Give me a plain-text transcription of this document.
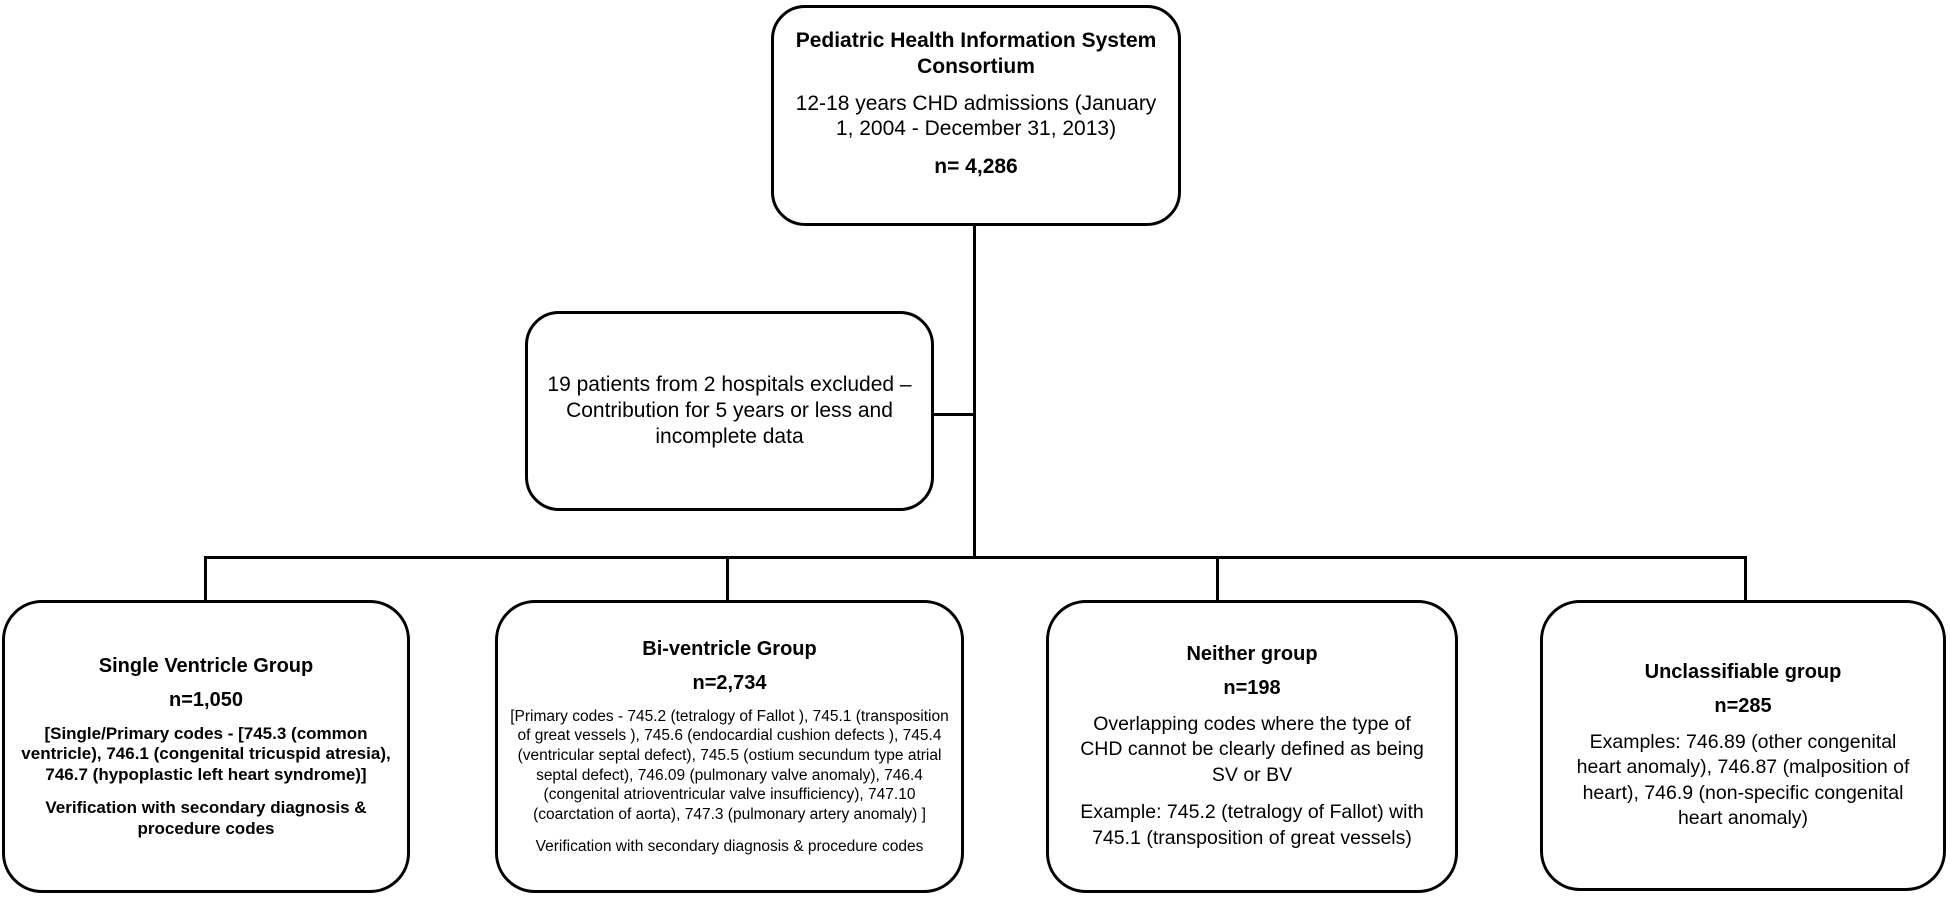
Pediatric Health Information System Consortium

12-18 years CHD admissions (January 1, 2004 - December 31, 2013)

n= 4,286

19 patients from 2 hospitals excluded – Contribution for 5 years or less and incomplete data

Single Ventricle Group

n=1,050

[Single/Primary codes - [745.3 (common ventricle), 746.1 (congenital tricuspid atresia), 746.7 (hypoplastic left heart syndrome)]

Verification with secondary diagnosis & procedure codes

Bi-ventricle Group

n=2,734

[Primary codes - 745.2 (tetralogy of Fallot ), 745.1 (transposition of great vessels ), 745.6 (endocardial cushion defects ), 745.4 (ventricular septal defect), 745.5 (ostium secundum type atrial septal defect), 746.09 (pulmonary valve anomaly), 746.4 (congenital atrioventricular valve insufficiency), 747.10 (coarctation of aorta), 747.3 (pulmonary artery anomaly) ]

Verification with secondary diagnosis & procedure codes

Neither group

n=198

Overlapping codes where the type of CHD cannot be clearly defined as being SV or BV

Example: 745.2 (tetralogy of Fallot) with 745.1 (transposition of great vessels)

Unclassifiable group

n=285

Examples: 746.89 (other congenital heart anomaly), 746.87 (malposition of heart), 746.9 (non-specific congenital heart anomaly)
